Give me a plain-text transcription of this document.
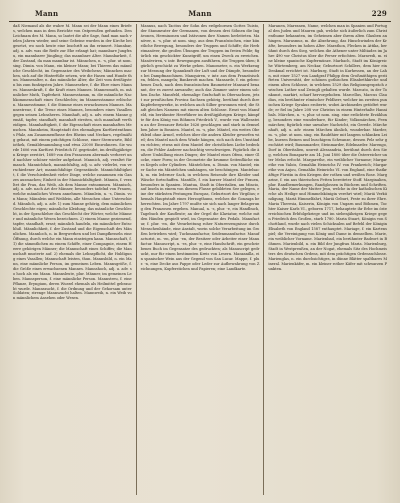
Mann	Mann	229

daß Niemand als die wahre M. Mann sei der Mann eines Briefes, welchen man in dem Berichte von Ostpreußen gefunden. Den Leichnam des M. Mann, so lautet die alte Sage, fand man nach vielen Jahren wieder, und seine Gebeine wurden in der Kirche beigesetzt, wo noch heute eine Inschrift an ihn erinnert. Mannbar, adj. u. adv. was die Reife zur Ehe erlangt hat; mannbare Jungfrau, ein mannbarer Jüngling; das mannbare Alter. Mannbarkeit, f. der Zustand, da man mannbar ist. Männchen, n. -s, plur. ut nom. sing. Dimin. von Mann, ein kleiner Mann; bei Thieren das männliche Geschlecht, im Gegensatze des Weibchens; Männchen machen, sich auf die Hinterfüße setzen, wie die Hasen und Hunde thun. Mannesalter, n. das männliche Alter, die Zeit vom dreißigsten bis zum funfzigsten Jahre. Mannesehre, f. die Ehre eines Mannes. Manneskraft, f. die Kraft eines Mannes. Mannesmuth, m. männlicher Muth, Tapferkeit. Mannesstamm, m. die männliche Nachkommenschaft eines Geschlechts; im Mannesstamme erlöschen. Mannesstimme, f. die Stimme eines erwachsenen Mannes. Mannestreue, f. die Treue eines Mannes, besonders eines Vasallen gegen seinen Lehnsherrn. Mannhaft, adj. u. adv. einem Manne gemäß, tapfer, standhaft; mannhaft streiten, sich mannhaft vertheidigen. Mannhaftigkeit, f. die Eigenschaft eines mannhaften Menschen. Mannheim, Hauptstadt des ehemaligen Kurfürstenthums Pfalz, am Zusammenflusse des Rheins und Neckars, regelmäßig gebaut, mit einem prächtigen Schlosse, einer Sternwarte, Bibliothek, Gemäldesammlung und etwa 22000 Einwohnern. Sie wurde 1606 von Kurfürst Friedrich IV. gegründet, im dreißigjährigen Kriege zerstört, 1689 von den Franzosen abermals verheert und nachher schöner wieder aufgebaut. Mannich, adj. veraltet für manch. Mannichfach, mannichfaltig, adj. u. adv. vielerlei, von verschiedener Art; mannichfaltige Gegenstände. Mannichfaltigkeit, f. die Verschiedenheit vieler Dinge, welche zusammen ein Ganzes ausmachen; Einheit in der Mannichfaltigkeit. Männin, f. veraltet die Frau, das Weib, als dem Manne entnommen. Männisch, adj. u. adv. nach Art der Männer, besonders tadelnd von Frauen, welche männliches Wesen annehmen. Männlein, n. -s, Dimin. von Mann; Männlein und Weiblein, alle Menschen ohne Unterschied. Männlich, adj. u. adv. 1) zum Manne gehörig, dem männlichen Geschlechte eigen; männliche Kleidung; das männliche Geschlecht, in der Sprachlehre das Geschlecht der Wörter, welche Männer und männliche Wesen bezeichnen. 2) einem Manne geziemend, tapfer, standhaft, ernst; männlich handeln, ein männlicher Entschluß. Männlichkeit, f. der Zustand und die Eigenschaft des Männlichen. Mannloch, n. in Bergwerken und bei Dampfkesseln eine Öffnung, durch welche ein Mann einsteigen kann. Mannschaft, f. 1) die sämmtlichen zu einem Schiffe, einer Compagnie, einem Heere gehörigen Männer; die Mannschaft eines Schiffes; die Mannschaft musterte auf. 2) ehemals die Lehnspflicht, die Huldigung eines Vasallen; Mannschaft leisten, thun. Mannsbild, n. ein Mann, eine männliche Person, im gemeinen Leben. Mannsgröße, f. die Größe eines erwachsenen Mannes. Mannshoch, adj. u. adv. so hoch als ein Mann. Mannsleute, plur. Männer, im gemeinen Leben. Mannsperson, f. eine männliche Person. Mannstreu, f. eine Pflanze, Eryngium, deren Wurzel ehemals als Heilmittel gebraucht wurde. Mannszucht, f. die Ordnung und der Gehorsam unter Soldaten; strenge Mannszucht halten. Mannweib, n. ein Weib von männlichem Ansehen oder Wesen.

Mannus, nach Tacitus der Sohn des erdgebornen Gottes Tuisto, der Stammvater der Germanen, von dessen drei Söhnen die Ingävonen, Herminonen und Istävonen ihre Namen herleiteten. Manöver, n. -s, plur. ut nom. sing. aus dem Französischen, eine künstliche Bewegung, besonders der Truppen und Schiffe; die Herbstmanöver, die großen Übungen der Truppen im freien Felde; figürlich ein geschickter Kunstgriff, um einen Zweck zu erreichen. Manövriren, v. intr. Bewegungen ausführen, die Truppen üben; figürlich geschickt zu Werke gehen. Manometer, n. ein Werkzeug zur Messung der Spannkraft der Luft und der Dämpfe, besonders bei Dampfmaschinen. Manquiren, v. intr. aus dem Französischen, fehlen, mangeln; Bankerott machen. Mansarde, f. ein gebrochenes Dach, nach dem französischen Baumeister Mansard benannt, der es zuerst anwandte; auch das Zimmer unter einem solchen Dache. Mansfeld, ehemalige Grafschaft in Obersachsen, jetzt zur preußischen Provinz Sachsen gehörig, berühmt durch ihre Kupferbergwerke, in welchen auch Silber gewonnen wird; die Stadt gleiches Namens mit einem alten Schlosse. Ernst von Mansfeld, ein berühmter Heerführer im dreißigjährigen Kriege, kämpfte für den König von Böhmen Friedrich V., wurde von Wallenstein an der Dessauer Brücke 1626 geschlagen und starb in demselben Jahre in Bosnien. Mantel, m. -s, plur. Mäntel, ein weites Oberkleid ohne Ärmel, welches über die andern Kleider geworfen wird; den Mantel nach dem Winde hängen, sich nach den Umständen richten; etwas mit dem Mantel der christlichen Liebe bedecken, die Fehler Anderer nachsichtig verschweigen. Figürlich die äußere Umhüllung eines Dinges; der Mantel eines Ofens, einer Glocke, einer Form; in der Geometrie die krumme Seitenfläche eines Kegels oder Cylinders. Mäntelchen, n. Dimin. von Mantel; einer Sache ein Mäntelchen umhängen, sie beschönigen. Mantelsack, m. ein lederner Sack, in welchem Reisende ihre Kleider und Wäsche fortschaffen. Mantille, f. ein kurzer Mantel der Frauen, besonders in Spanien. Mantua, Stadt in Oberitalien, am Mincio, auf Inseln in einem von diesem Flusse gebildeten See gelegen, eine der stärksten Festungen Europas, Geburtsort des Virgilius; ehemals Hauptstadt eines Herzogthums, welches die Gonzaga beherrschten. Im Jahre 1797 mußte sie sich nach langer Belagerung den Franzosen ergeben. Manual, n. -s, plur. -e, ein Handbuch, Tagebuch der Kaufleute; an der Orgel die Klaviatur, welche mit den Händen gespielt wird, im Gegensatze des Pedals. Manufactur, f. plur. -en, die Verarbeitung roher Naturerzeugnisse durch Menschenhände, eine Anstalt, worin solche Verarbeitung im Großen betrieben wird; Tuchmanufactur, Seidenmanufactur. Manufacturist, m. -en, plur. -en, der Besitzer oder Arbeiter einer Manufactur. Manuscript, n. -es, plur. -e, eine Handschrift, ein geschriebenes Buch im Gegensatze des gedruckten; als Manuscript gedruckt, nur für einen bestimmten Kreis von Lesern. Manzanilla, ein spanischer Wein aus der Gegend von San Lucar. Mappe, f. plur. -n, eine Decke aus Pappe oder Leder zur Aufbewahrung von Zeichnungen, Kupferstichen und Papieren; eine Landkarte.

Maranen, Marranen, Name, welchen man in Spanien und Portugal den Juden und Mauren gab, welche sich äußerlich zum Christenthume bekannten, im Geheimen aber ihrem alten Glauben anhingen. Marasmus, m. die Abzehrung, das Hinschwinden der Kräfte, besonders im hohen Alter. Marathon, Flecken in Attika, berühmt durch den Sieg, welchen die Athener unter Miltiades im Jahre 490 vor Christus über die Perser erfochten. Maravedi, m. eine kleine spanische Kupfermünze. Marbach, Stadt im Königreiche Würtemberg, am Neckar, Geburtsort Schillers, dem hier ein Denkmal errichtet ist. Marburg, Stadt in Kurhessen, an der Lahn, mit einer 1527 von Landgraf Philipp dem Großmüthigen gestifteten Universität, der schönen gothischen Elisabethkirche und einem alten Schlosse, in welchem 1529 das Religionsgespräch zwischen Luther und Zwingli gehalten wurde. Marcato, in der Tonkunst, markirt, scharf hervorgehoben. Marcellus, Marcus Claudius, ein berühmter römischer Feldherr, welcher im zweiten punischen Kriege Syrakus eroberte, wobei Archimedes getödtet wurde; er fiel im Jahre 208 vor Christus in einem Hinterhalte Hannibals. Märchen, n. -s, plur. ut nom. sing. eine erdichtete Erzählung, besonders eine wunderbare, für Kinder; Volksmärchen, Feenmärchen; figürlich eine unwahre Nachricht, ein Gerede. Märchenhaft, adj. u. adv. einem Märchen ähnlich, wunderbar. Marder, m. -s, plur. ut nom. sing. ein Raubthier mit langem schlanken Leibe, kurzen Beinen und buschigem Schwanze, dessen Pelz sehr geschätzt wird; Baummarder, Steinmarder, Edelmarder. Marengo, Dorf in Oberitalien, unweit Alessandria, berühmt durch den Sieg, welchen Bonaparte am 14. Juni 1800 über die Österreicher unter Melas erfocht. Margarethe, ein weiblicher Vorname; Margarethe von Valois, Gemahlin Heinrichs IV. von Frankreich; Margarethe von Anjou, Gemahlin Heinrichs VI. von England, eine thatkräftige Fürstin in den Kriegen der rothen und weißen Rose. Margarine, f. ein aus thierischen Fetten bereiteter Stoff. Marginalien, plur. Randbemerkungen, Randglossen in Büchern und Schriften. Maria, der Name der Mutter Jesu, welche in der katholischen Kirche als Heilige und Himmelskönigin verehrt wird; Mariä Verkündigung, Mariä Himmelfahrt, Mariä Geburt, Feste zu ihrer Ehre. Maria Theresia, Kaiserin, Königin von Ungarn und Böhmen, Tochter Kaiser Karls VI., geboren 1717, behauptete ihr Erbe im österreichischen Erbfolgekriege und im siebenjährigen Kriege gegen Friedrich den Großen, starb 1780. Maria Stuart, Königin von Schottland, wurde nach vielen Schicksalen auf Befehl der Königin Elisabeth von England 1587 enthauptet. Mariage, f. ein Kartenspiel; die Vereinigung von König und Dame in demselben. Marie, ein weiblicher Vorname. Marienbad, ein berühmter Badeort in Böhmen. Marienbild, n. ein Bild der Jungfrau Maria. Marienburg, Stadt in Westpreußen, an der Nogat, ehemals Sitz des Hochmeisters des deutschen Ordens, mit dem prächtigen Ordensschlosse. Marienglas, n. ein durchsichtiges, in dünne Blätter spaltbares Mineral. Marienkäfer, m. ein kleiner rother Käfer mit schwarzen Punkten.
